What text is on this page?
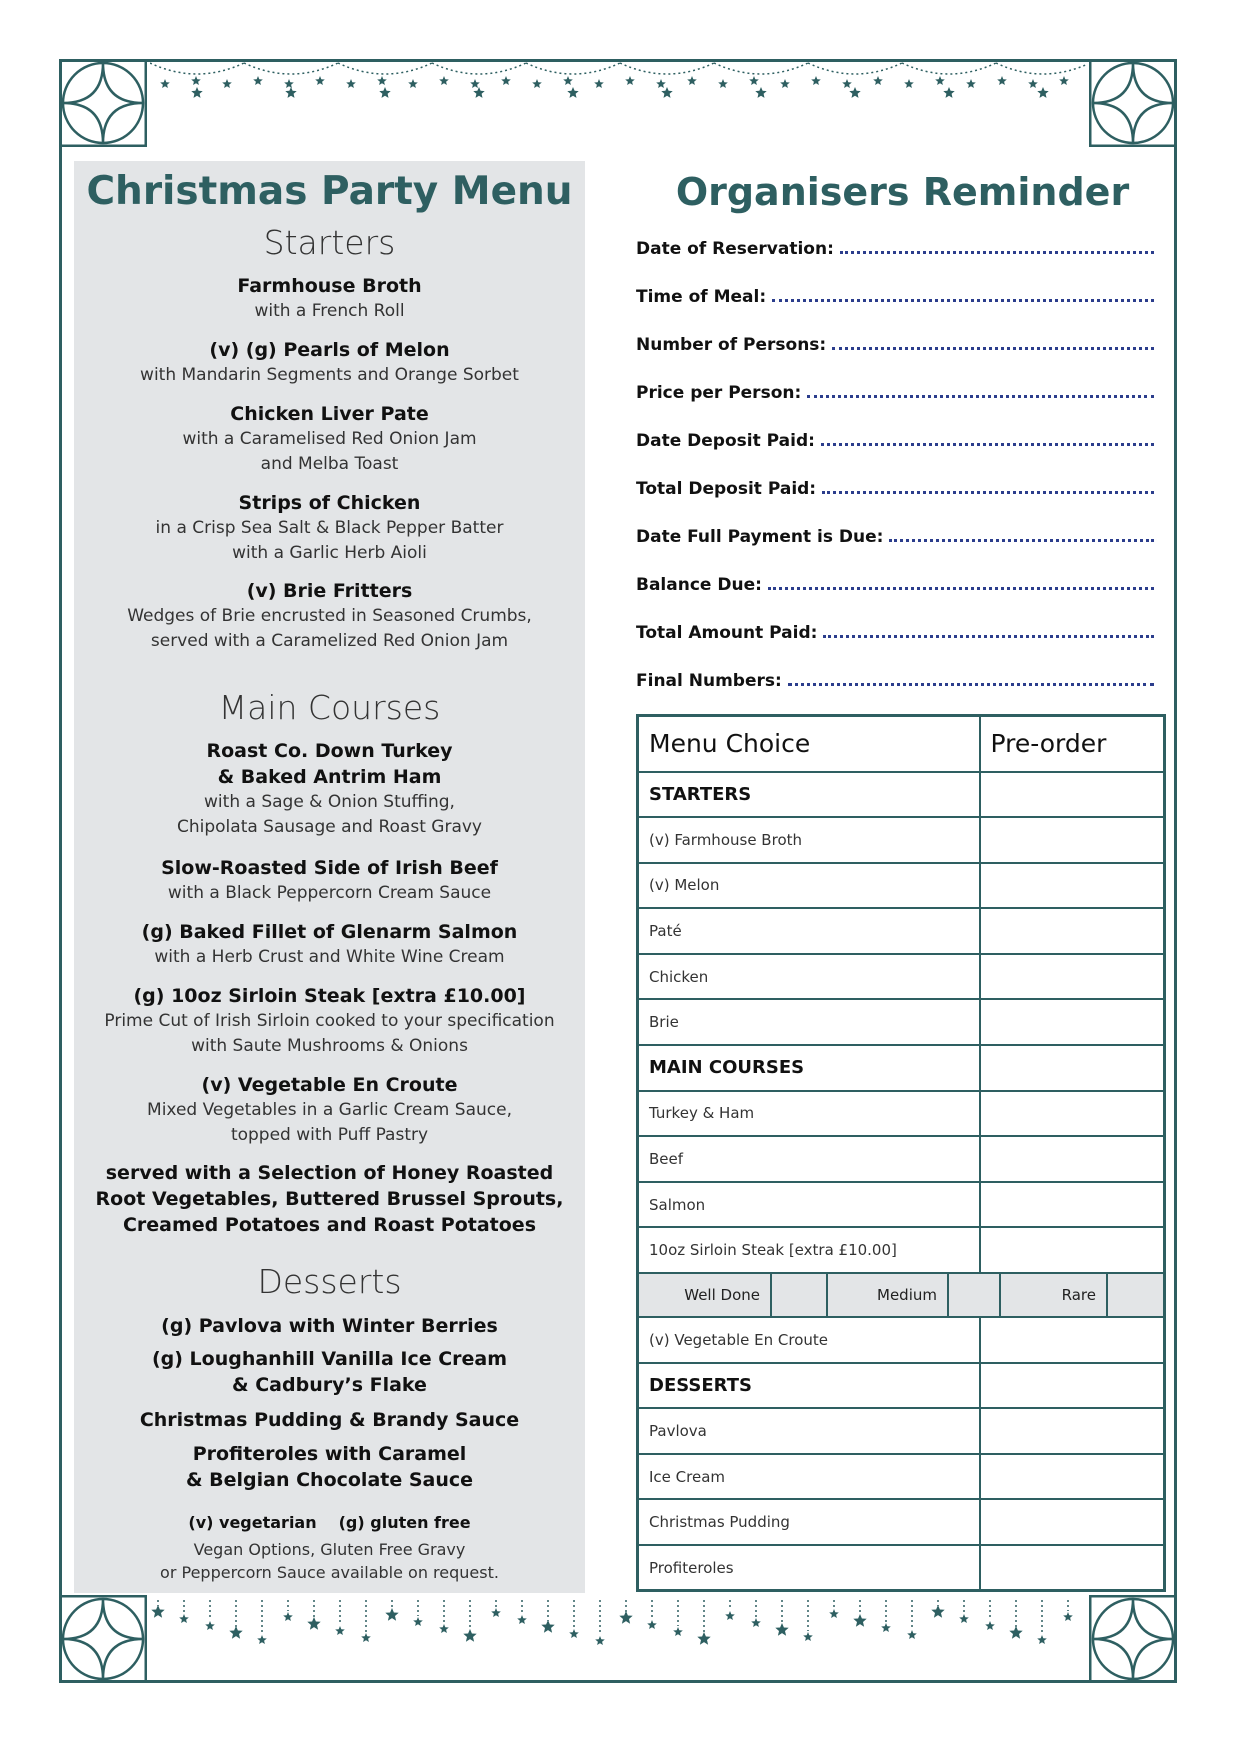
Christmas Party Menu
Starters

Farmhouse Broth
with a French Roll

(v) (g) Pearls of Melon
with Mandarin Segments and Orange Sorbet

Chicken Liver Pate
with a Caramelised Red Onion Jam
and Melba Toast

Strips of Chicken
in a Crisp Sea Salt & Black Pepper Batter
with a Garlic Herb Aioli

(v) Brie Fritters
Wedges of Brie encrusted in Seasoned Crumbs,
served with a Caramelized Red Onion Jam

Main Courses

Roast Co. Down Turkey
& Baked Antrim Ham
with a Sage & Onion Stuffing,
Chipolata Sausage and Roast Gravy

Slow-Roasted Side of Irish Beef
with a Black Peppercorn Cream Sauce

(g) Baked Fillet of Glenarm Salmon
with a Herb Crust and White Wine Cream

(g) 10oz Sirloin Steak [extra £10.00]
Prime Cut of Irish Sirloin cooked to your specification
with Saute Mushrooms & Onions

(v) Vegetable En Croute
Mixed Vegetables in a Garlic Cream Sauce,
topped with Puff Pastry

served with a Selection of Honey Roasted
Root Vegetables, Buttered Brussel Sprouts,
Creamed Potatoes and Roast Potatoes

Desserts

(g) Pavlova with Winter Berries

(g) Loughanhill Vanilla Ice Cream
& Cadbury’s Flake

Christmas Pudding & Brandy Sauce

Profiteroles with Caramel
& Belgian Chocolate Sauce

(v) vegetarian (g) gluten free
Vegan Options, Gluten Free Gravy
or Peppercorn Sauce available on request.
Organisers Reminder
Date of Reservation:
Time of Meal:
Number of Persons:
Price per Person:
Date Deposit Paid:
Total Deposit Paid:
Date Full Payment is Due:
Balance Due:
Total Amount Paid:
Final Numbers:
Menu Choice	Pre-order
STARTERS	
(v) Farmhouse Broth	
(v) Melon	
Paté	
Chicken	
Brie	
MAIN COURSES	
Turkey & Ham	
Beef	
Salmon	
10oz Sirloin Steak [extra £10.00]	

Well Done Medium Rare	

(v) Vegetable En Croute	
DESSERTS	
Pavlova	
Ice Cream	
Christmas Pudding	
Profiteroles	
